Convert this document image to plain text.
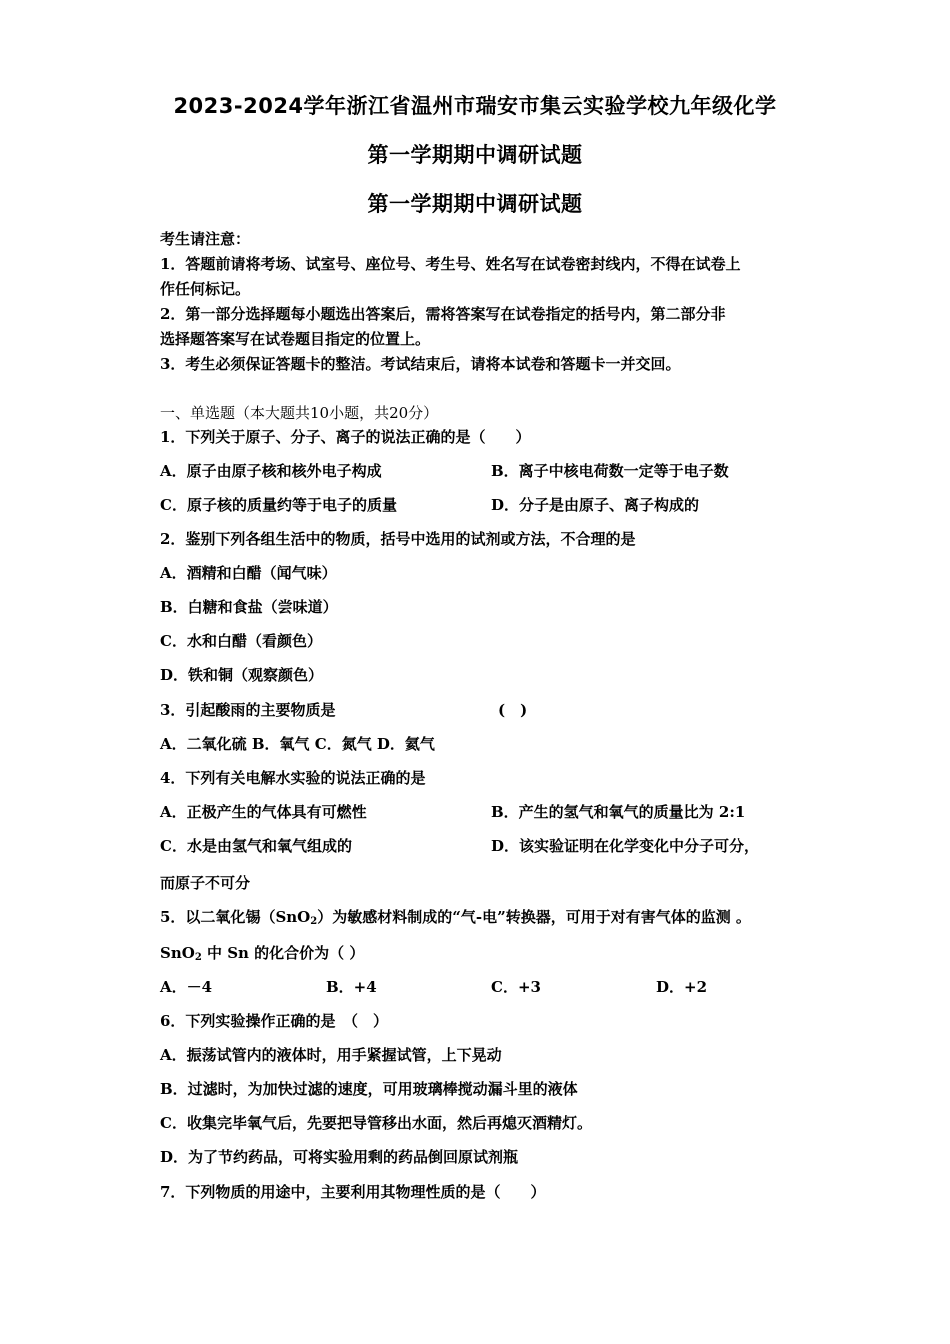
2023-2024学年浙江省温州市瑞安市集云实验学校九年级化学
第一学期期中调研试题
第一学期期中调研试题
考生请注意：
1．答题前请将考场、试室号、座位号、考生号、姓名写在试卷密封线内，不得在试卷上
作任何标记。
2．第一部分选择题每小题选出答案后，需将答案写在试卷指定的括号内，第二部分非
选择题答案写在试卷题目指定的位置上。
3．考生必须保证答题卡的整洁。考试结束后，请将本试卷和答题卡一并交回。
一、单选题（本大题共10小题，共20分）
1．下列关于原子、分子、离子的说法正确的是（　　）
A．原子由原子核和核外电子构成	B．离子中核电荷数一定等于电子数
C．原子核的质量约等于电子的质量	D．分子是由原子、离子构成的
2．鉴别下列各组生活中的物质，括号中选用的试剂或方法，不合理的是
A．酒精和白醋（闻气味）
B．白糖和食盐（尝味道）
C．水和白醋（看颜色）
D．铁和铜（观察颜色）
3．引起酸雨的主要物质是	(　)
A．二氧化硫 B．氧气 C．氮气 D．氦气
4．下列有关电解水实验的说法正确的是
A．正极产生的气体具有可燃性	B．产生的氢气和氧气的质量比为 2:1
C．水是由氢气和氧气组成的	D．该实验证明在化学变化中分子可分，
而原子不可分
5．以二氧化锡（SnO$_2$）为敏感材料制成的“气-电”转换器，可用于对有害气体的监测 。
SnO$_2$ 中 Sn 的化合价为（ ）
A．－4	B．+4	C．+3	D．+2
6．下列实验操作正确的是　（　）
A．振荡试管内的液体时，用手紧握试管，上下晃动
B．过滤时，为加快过滤的速度，可用玻璃棒搅动漏斗里的液体
C．收集完毕氧气后，先要把导管移出水面，然后再熄灭酒精灯。
D．为了节约药品，可将实验用剩的药品倒回原试剂瓶
7．下列物质的用途中，主要利用其物理性质的是（　　）
